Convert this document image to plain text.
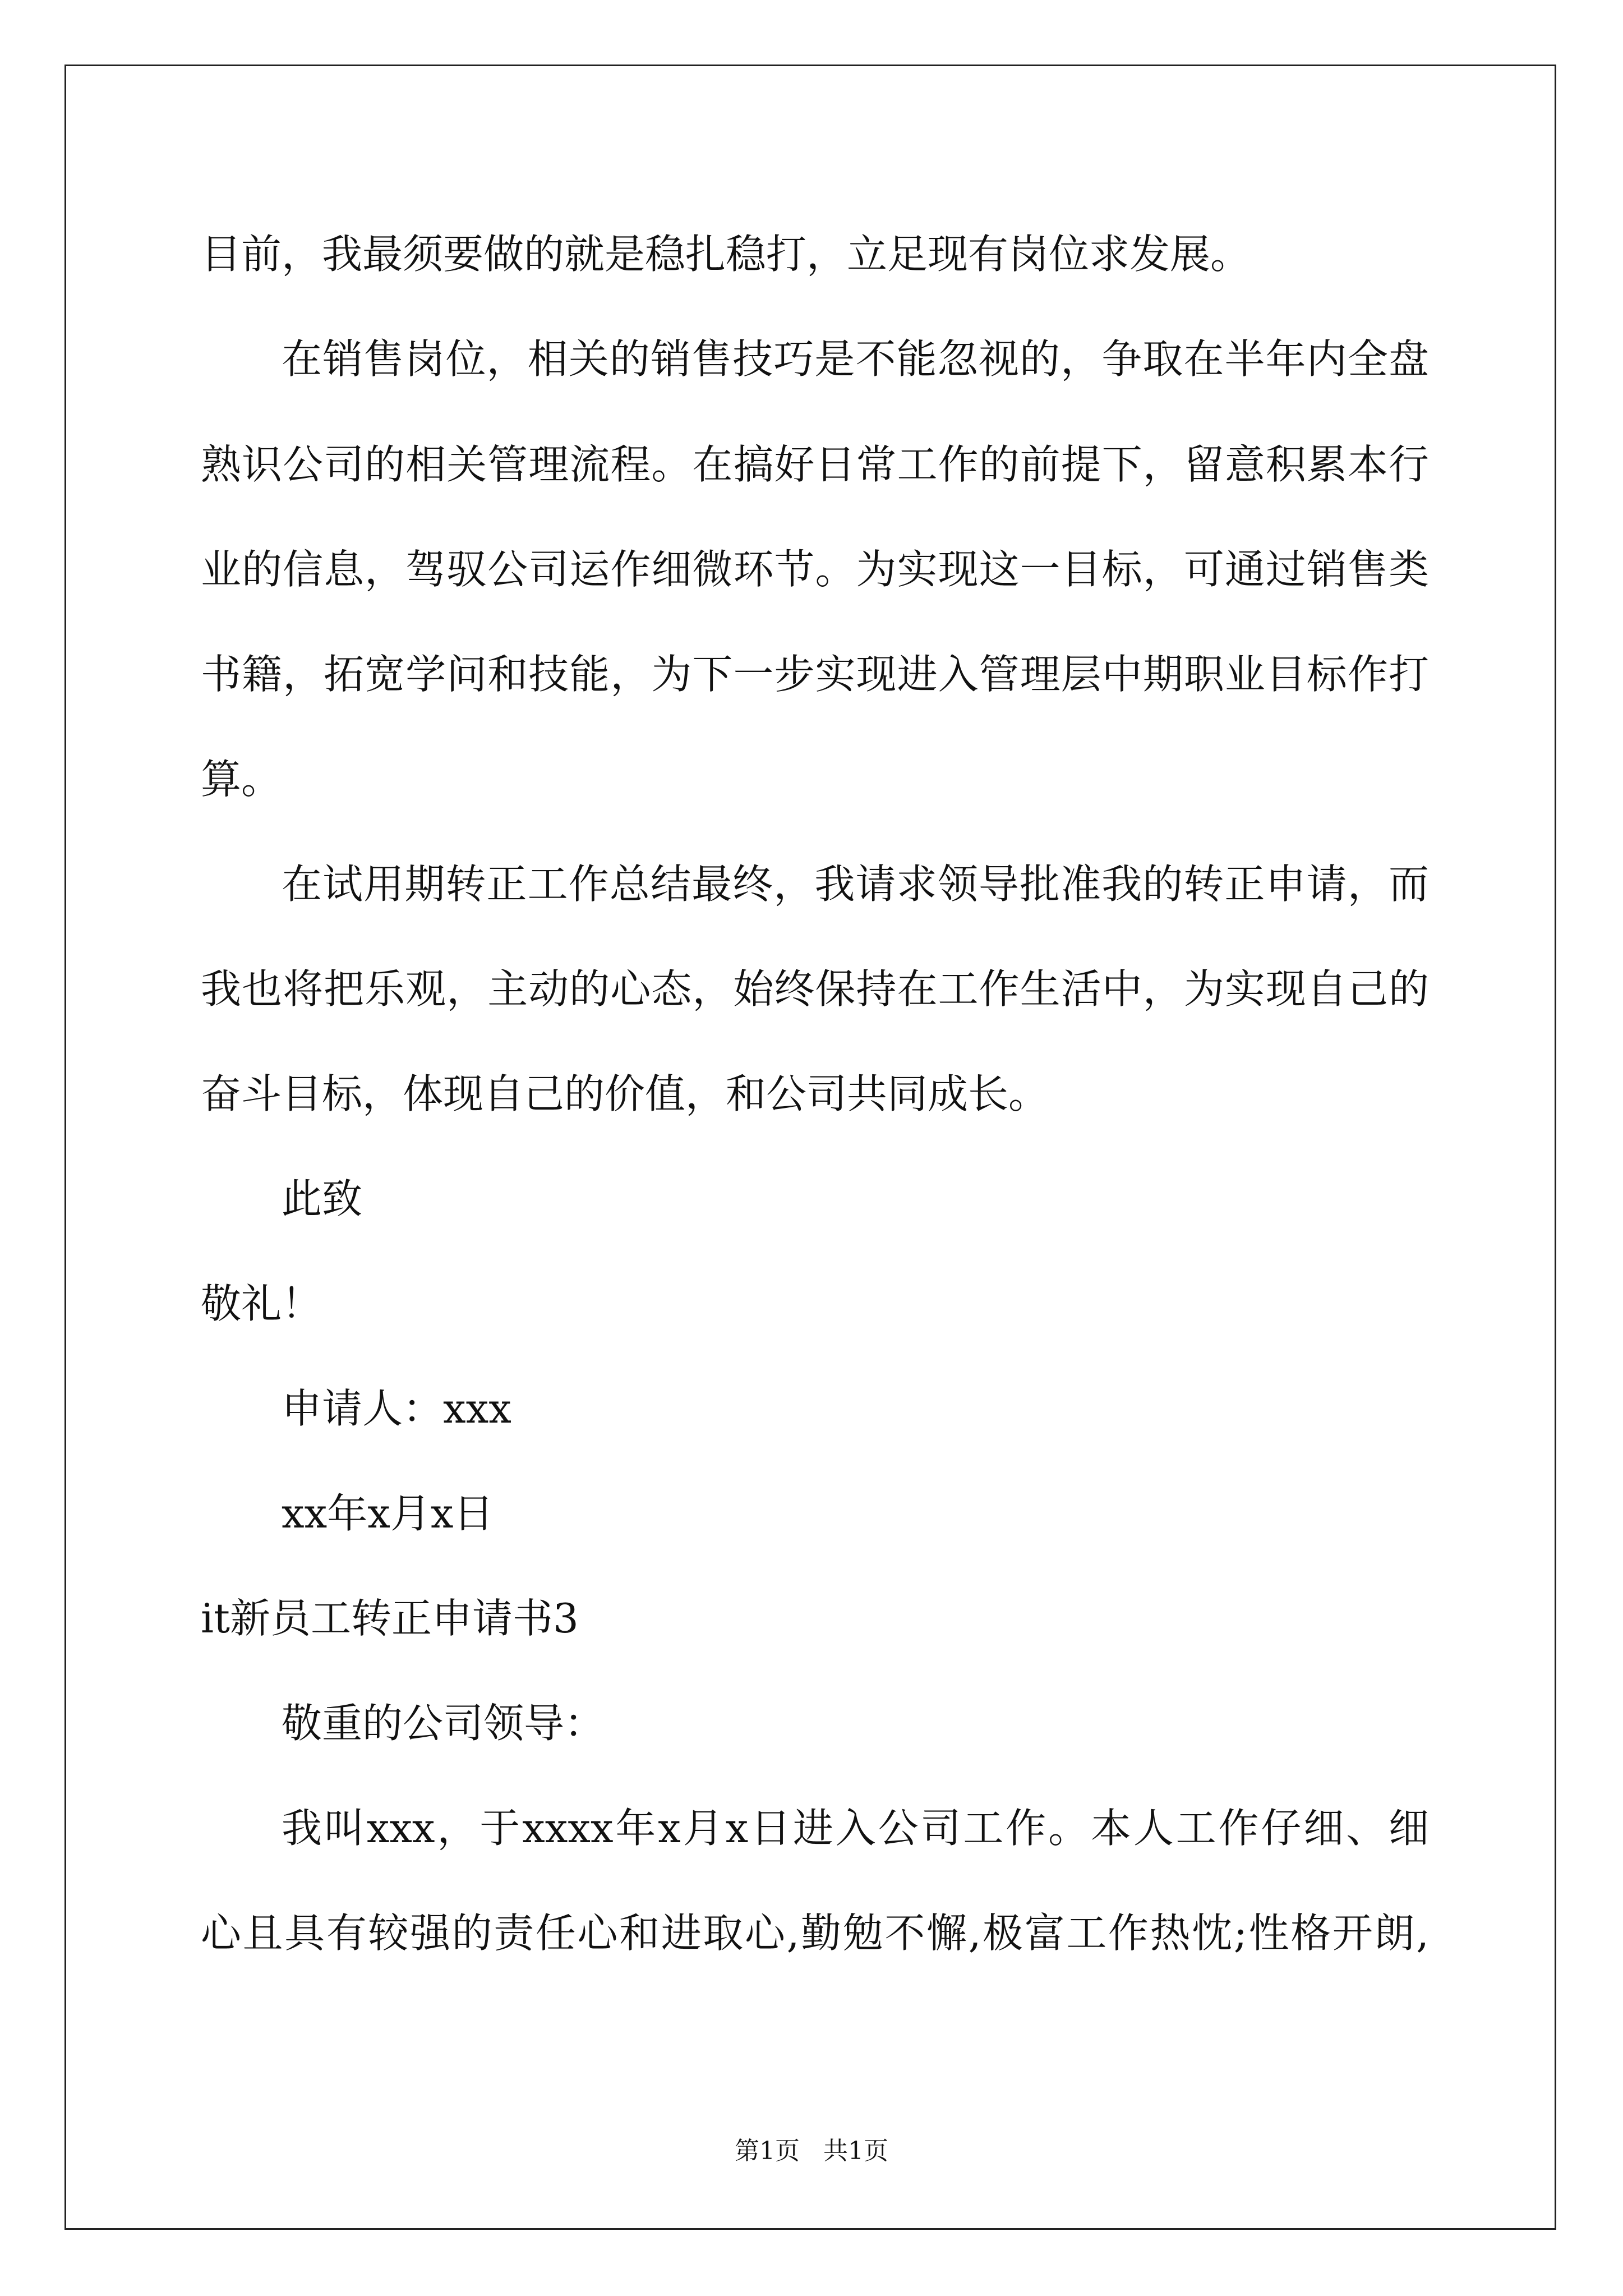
目前，我最须要做的就是稳扎稳打，立足现有岗位求发展。
在销售岗位，相关的销售技巧是不能忽视的，争取在半年内全盘
熟识公司的相关管理流程。在搞好日常工作的前提下，留意积累本行
业的信息，驾驭公司运作细微环节。为实现这一目标，可通过销售类
书籍，拓宽学问和技能，为下一步实现进入管理层中期职业目标作打
算。
在试用期转正工作总结最终，我请求领导批准我的转正申请，而
我也将把乐观，主动的心态，始终保持在工作生活中，为实现自己的
奋斗目标，体现自己的价值，和公司共同成长。
此致
敬礼！
申请人：xxx
xx年x月x日
it新员工转正申请书3
敬重的公司领导：
我叫xxx，于xxxx年x月x日进入公司工作。本人工作仔细、细
心且具有较强的责任心和进取心,勤勉不懈,极富工作热忱;性格开朗,
第1页   共1页
